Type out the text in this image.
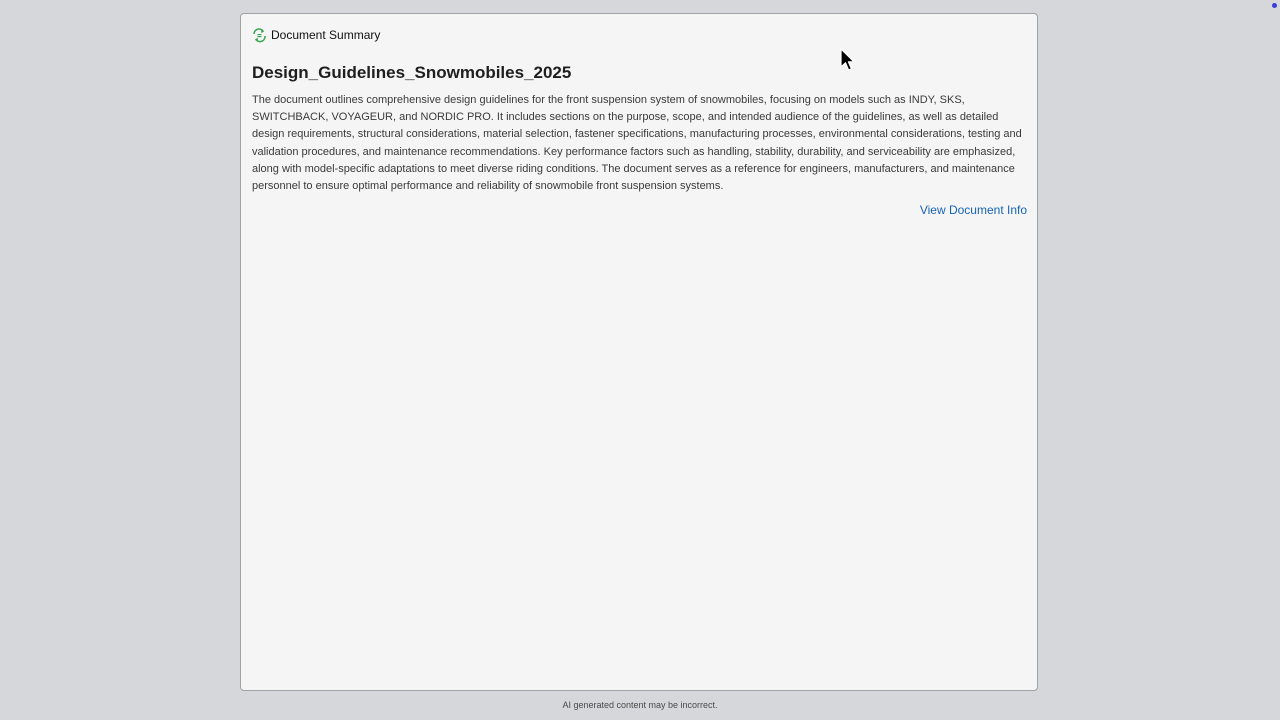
Document Summary
Design_Guidelines_Snowmobiles_2025

The document outlines comprehensive design guidelines for the front suspension system of snowmobiles, focusing on models such as INDY, SKS, SWITCHBACK, VOYAGEUR, and NORDIC PRO. It includes sections on the purpose, scope, and intended audience of the guidelines, as well as detailed design requirements, structural considerations, material selection, fastener specifications, manufacturing processes, environmental considerations, testing and validation procedures, and maintenance recommendations. Key performance factors such as handling, stability, durability, and serviceability are emphasized, along with model-specific adaptations to meet diverse riding conditions. The document serves as a reference for engineers, manufacturers, and maintenance personnel to ensure optimal performance and reliability of snowmobile front suspension systems.

View Document Info
AI generated content may be incorrect.
